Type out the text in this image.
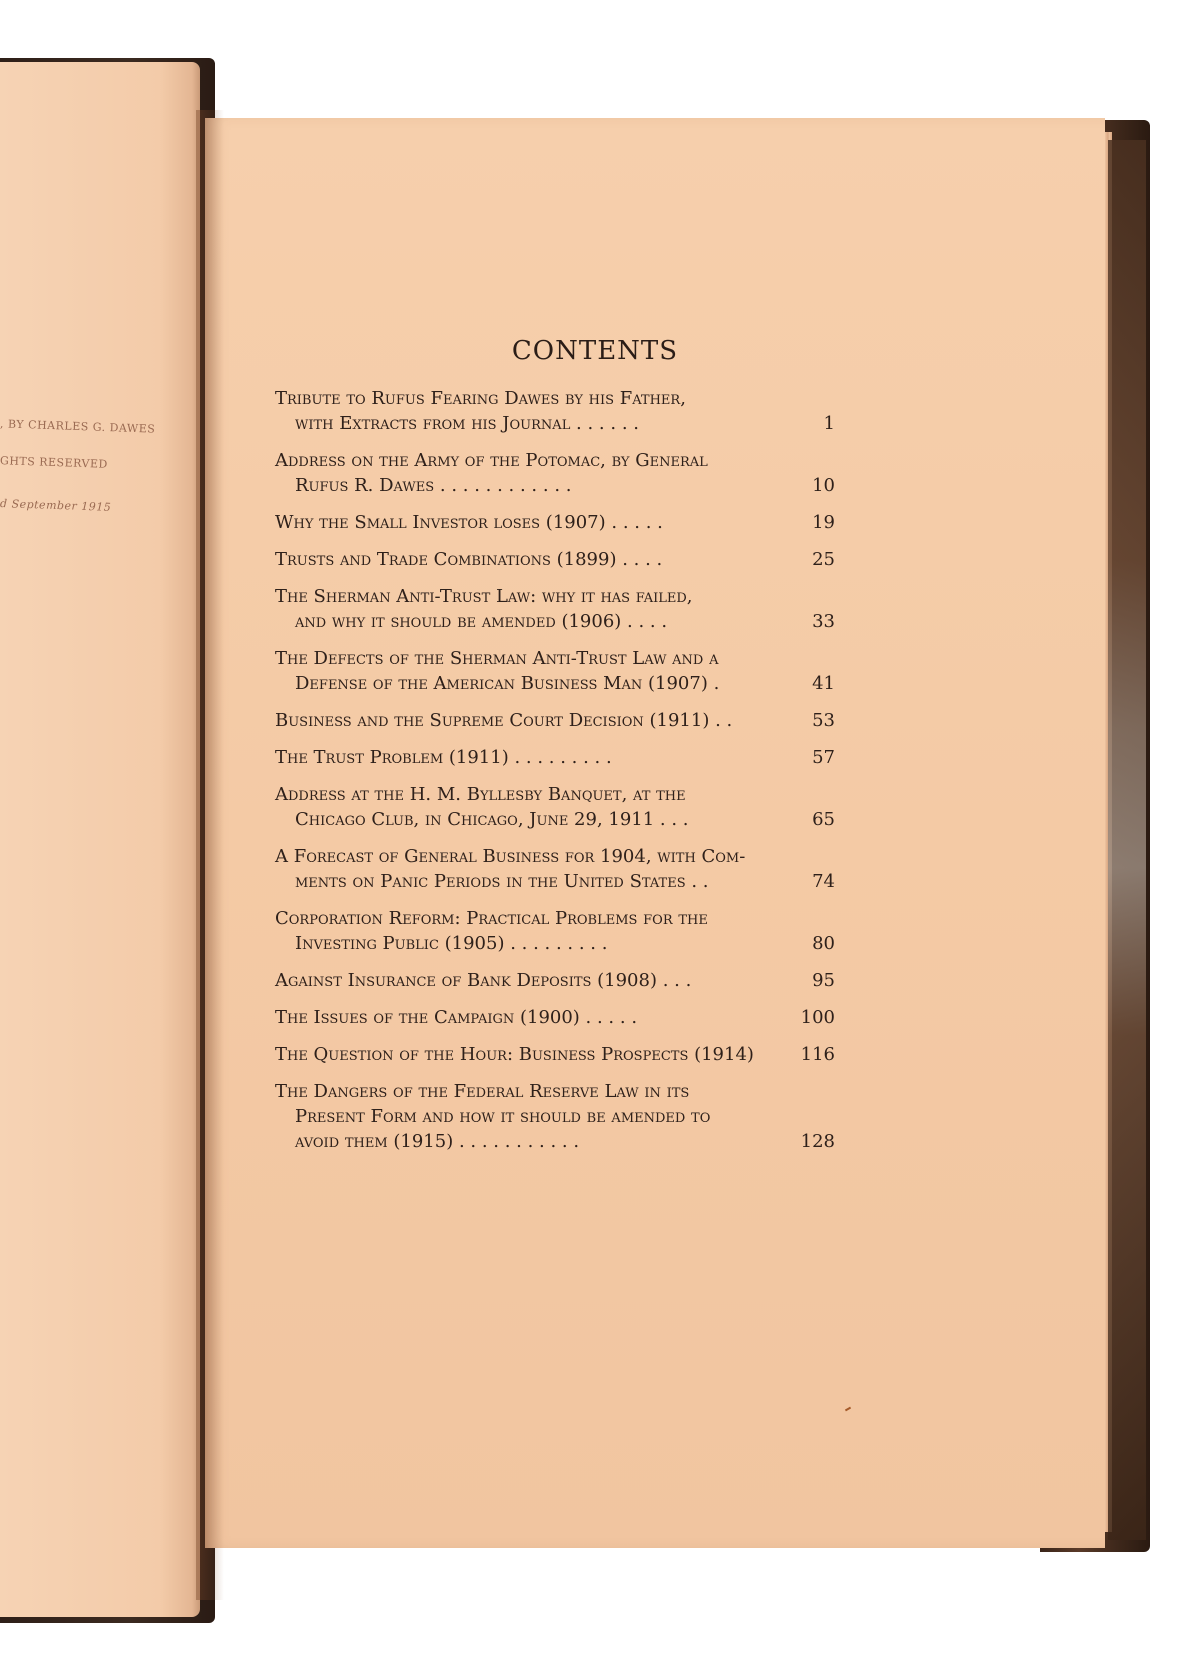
, BY CHARLES G. DAWES
GHTS RESERVED
d September 1915
CONTENTS
Tribute to Rufus Fearing Dawes by his Father,
with Extracts from his Journal . . . . . .	1
Address on the Army of the Potomac, by General
Rufus R. Dawes . . . . . . . . . . . .	10
Why the Small Investor loses (1907) . . . . .	19
Trusts and Trade Combinations (1899) . . . .	25
The Sherman Anti-Trust Law: why it has failed,
and why it should be amended (1906) . . . .	33
The Defects of the Sherman Anti-Trust Law and a
Defense of the American Business Man (1907) .	41
Business and the Supreme Court Decision (1911) . .	53
The Trust Problem (1911) . . . . . . . . .	57
Address at the H. M. Byllesby Banquet, at the
Chicago Club, in Chicago, June 29, 1911 . . .	65
A Forecast of General Business for 1904, with Com-
ments on Panic Periods in the United States . .	74
Corporation Reform: Practical Problems for the
Investing Public (1905) . . . . . . . . .	80
Against Insurance of Bank Deposits (1908) . . .	95
The Issues of the Campaign (1900) . . . . .	100
The Question of the Hour: Business Prospects (1914)	116
The Dangers of the Federal Reserve Law in its
Present Form and how it should be amended to
avoid them (1915) . . . . . . . . . . .	128
